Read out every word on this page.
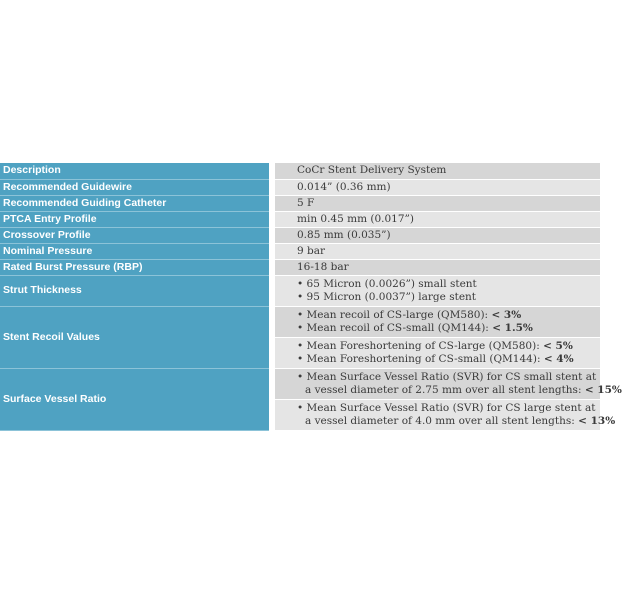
Description	CoCr Stent Delivery System
Recommended Guidewire	0.014” (0.36 mm)
Recommended Guiding Catheter	5 F
PTCA Entry Profile	min 0.45 mm (0.017”)
Crossover Profile	0.85 mm (0.035”)
Nominal Pressure	9 bar
Rated Burst Pressure (RBP)	16-18 bar
Strut Thickness	• 65 Micron (0.0026”) small stent
• 95 Micron (0.0037”) large stent

Stent Recoil Values	• Mean recoil of CS-large (QM580): < 3%
• Mean recoil of CS-small (QM144): < 1.5%

	• Mean Foreshortening of CS-large (QM580): < 5%
• Mean Foreshortening of CS-small (QM144): < 4%

Surface Vessel Ratio	• Mean Surface Vessel Ratio (SVR) for CS small stent at
a vessel diameter of 2.75 mm over all stent lengths: < 15%

	• Mean Surface Vessel Ratio (SVR) for CS large stent at
a vessel diameter of 4.0 mm over all stent lengths: < 13%
